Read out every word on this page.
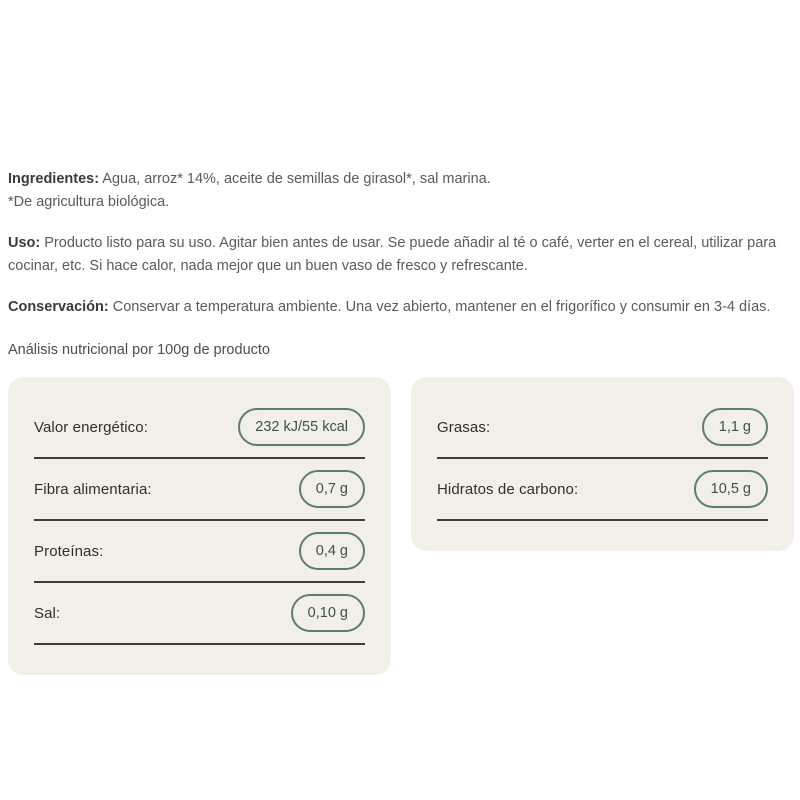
Ingredientes: Agua, arroz* 14%, aceite de semillas de girasol*, sal marina.
*De agricultura biológica.

Uso: Producto listo para su uso. Agitar bien antes de usar. Se puede añadir al té o café, verter en el cereal, utilizar para cocinar, etc. Si hace calor, nada mejor que un buen vaso de fresco y refrescante.

Conservación: Conservar a temperatura ambiente. Una vez abierto, mantener en el frigorífico y consumir en 3-4 días.

Análisis nutricional por 100g de producto

Valor energético:	232 kJ/55 kcal
Fibra alimentaria:	0,7 g
Proteínas:	0,4 g
Sal:	0,10 g
Grasas:	1,1 g
Hidratos de carbono:	10,5 g
